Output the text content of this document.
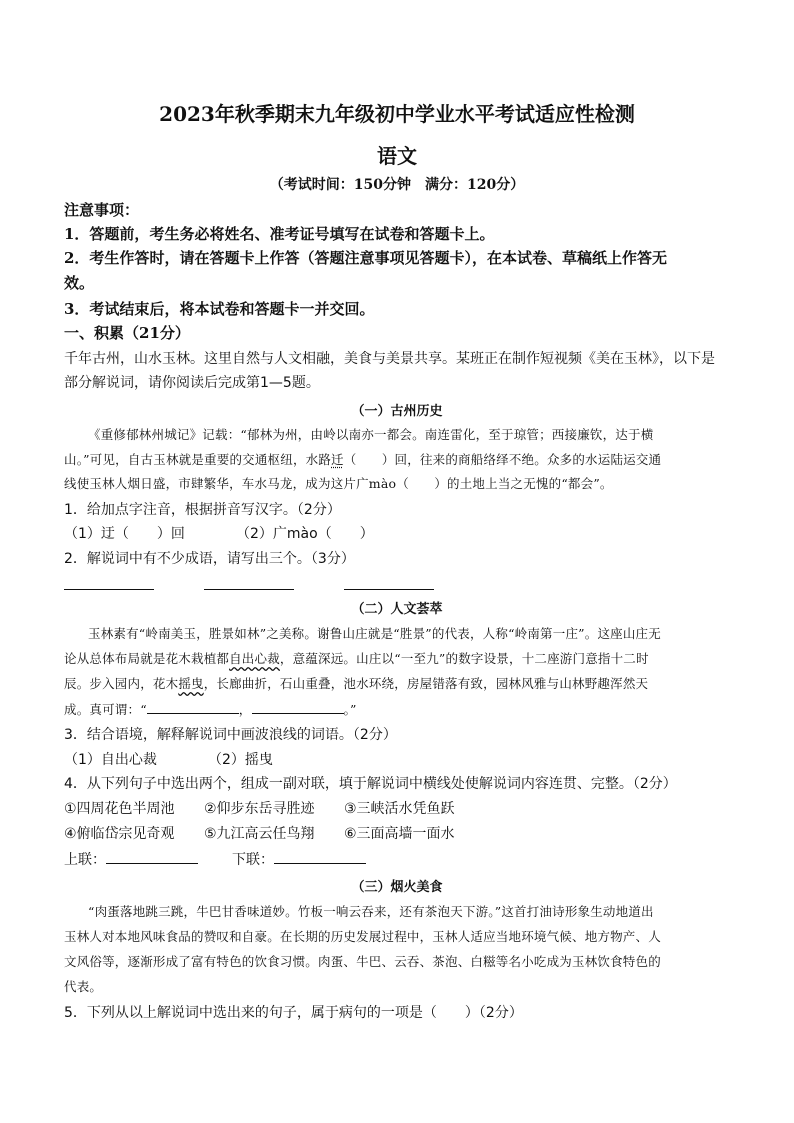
2023年秋季期末九年级初中学业水平考试适应性检测
语文
（考试时间：150分钟　满分：120分）
注意事项：
1．答题前，考生务必将姓名、准考证号填写在试卷和答题卡上。
2．考生作答时，请在答题卡上作答（答题注意事项见答题卡），在本试卷、草稿纸上作答无
效。
3．考试结束后，将本试卷和答题卡一并交回。
一、积累（21分）
千年古州，山水玉林。这里自然与人文相融，美食与美景共享。某班正在制作短视频《美在玉林》，以下是
部分解说词，请你阅读后完成第1—5题。
（一）古州历史
《重修郁林州城记》记载：“郁林为州，由岭以南亦一都会。南连雷化，至于琼管；西接廉钦，达于横
山。”可见，自古玉林就是重要的交通枢纽，水路迁（　　）回，往来的商船络绎不绝。众多的水运陆运交通
线使玉林人烟日盛，市肆繁华，车水马龙，成为这片广mào（　　）的土地上当之无愧的“都会”。
1．给加点字注音，根据拼音写汉字。（2分）
（1）迂（　　）回	（2）广mào（　　）
2．解说词中有不少成语，请写出三个。（3分）
（二）人文荟萃
玉林素有“岭南美玉，胜景如林”之美称。谢鲁山庄就是“胜景”的代表，人称“岭南第一庄”。这座山庄无
论从总体布局就是花木栽植都自出心裁，意蕴深远。山庄以“一至九”的数字设景，十二座游门意指十二时
辰。步入园内，花木摇曳，长廊曲折，石山重叠，池水环绕，房屋错落有致，园林风雅与山林野趣浑然天
成。真可谓：“	，	。”
3．结合语境，解释解说词中画波浪线的词语。（2分）
（1）自出心裁	（2）摇曳
4．从下列句子中选出两个，组成一副对联，填于解说词中横线处使解说词内容连贯、完整。（2分）
①四周花色半周池 ②仰步东岳寻胜迹 ③三峡活水凭鱼跃
④俯临岱宗见奇观 ⑤九江高云任鸟翔 ⑥三面高墙一面水
上联：	下联：
（三）烟火美食
“肉蛋落地跳三跳，牛巴甘香味道妙。竹板一响云吞来，还有茶泡天下游。”这首打油诗形象生动地道出
玉林人对本地风味食品的赞叹和自豪。在长期的历史发展过程中，玉林人适应当地环境气候、地方物产、人
文风俗等，逐渐形成了富有特色的饮食习惯。肉蛋、牛巴、云吞、茶泡、白糍等名小吃成为玉林饮食特色的
代表。
5．下列从以上解说词中选出来的句子，属于病句的一项是（　　）（2分）
